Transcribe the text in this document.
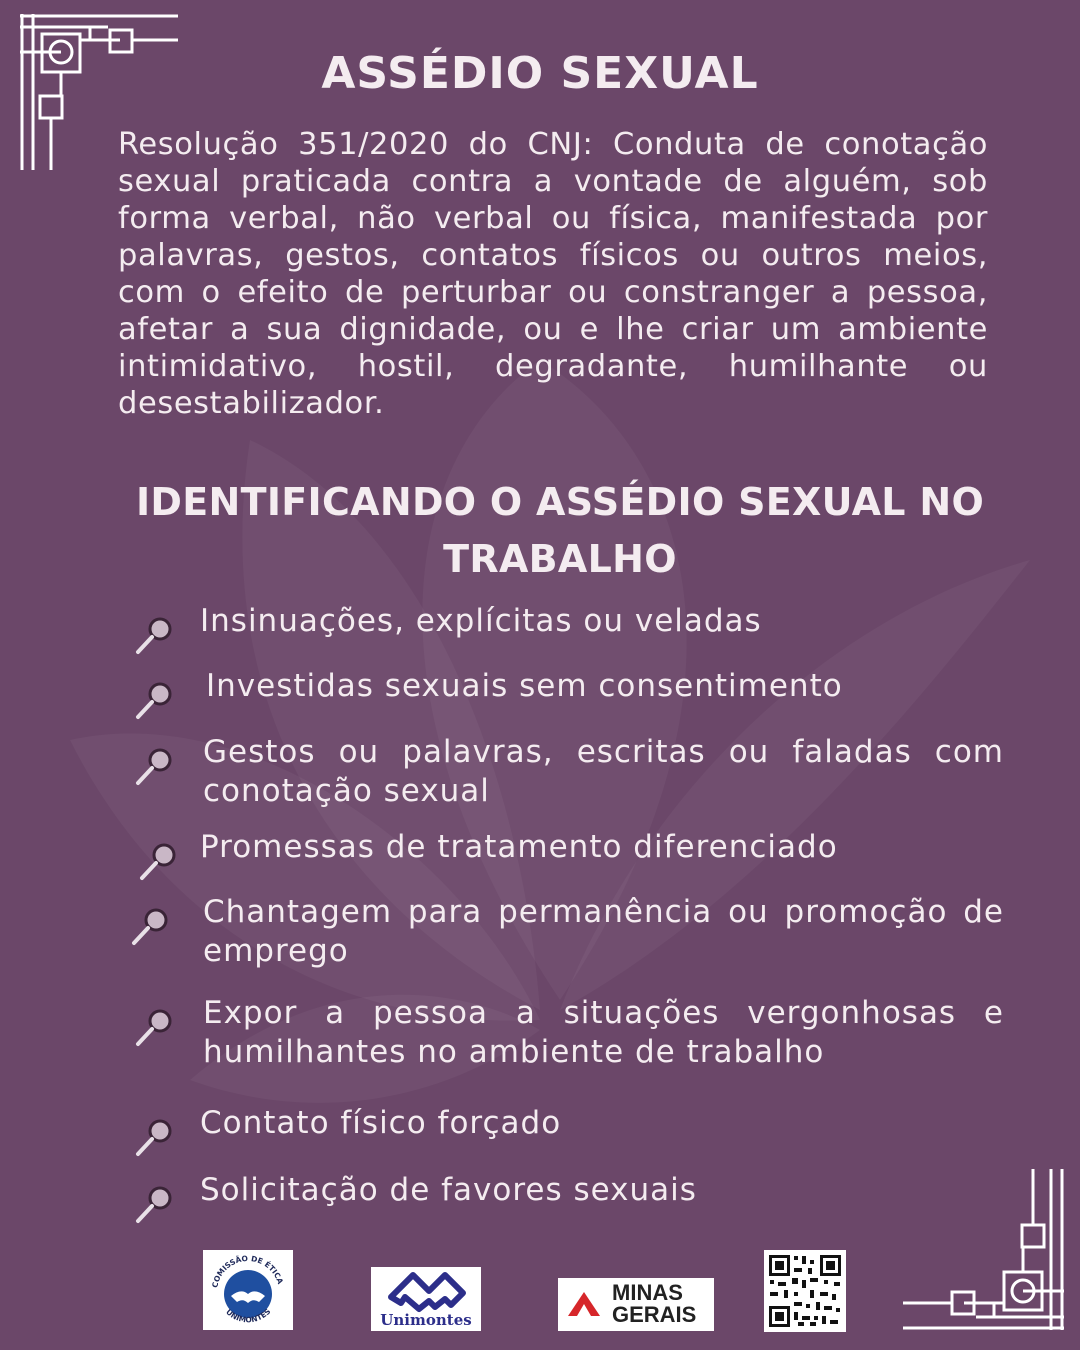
ASSÉDIO SEXUAL
Resolução 351/2020 do CNJ: Conduta de conotação sexual praticada contra a vontade de alguém, sob forma verbal, não verbal ou física, manifestada por palavras, gestos, contatos físicos ou outros meios, com o efeito de perturbar ou constranger a pessoa, afetar a sua dignidade, ou e lhe criar um ambiente intimidativo, hostil, degradante, humilhante ou desestabilizador.
IDENTIFICANDO O ASSÉDIO SEXUAL NO TRABALHO
Insinuações, explícitas ou veladas
Investidas sexuais sem consentimento
Gestos ou palavras, escritas ou faladas com conotação sexual
Promessas de tratamento diferenciado
Chantagem para permanência ou promoção de emprego
Expor a pessoa a situações vergonhosas e humilhantes no ambiente de trabalho
Contato físico forçado
Solicitação de favores sexuais
COMISSÃO DE ÉTICA
UNIMONTES	Unimontes
MINAS
GERAIS
